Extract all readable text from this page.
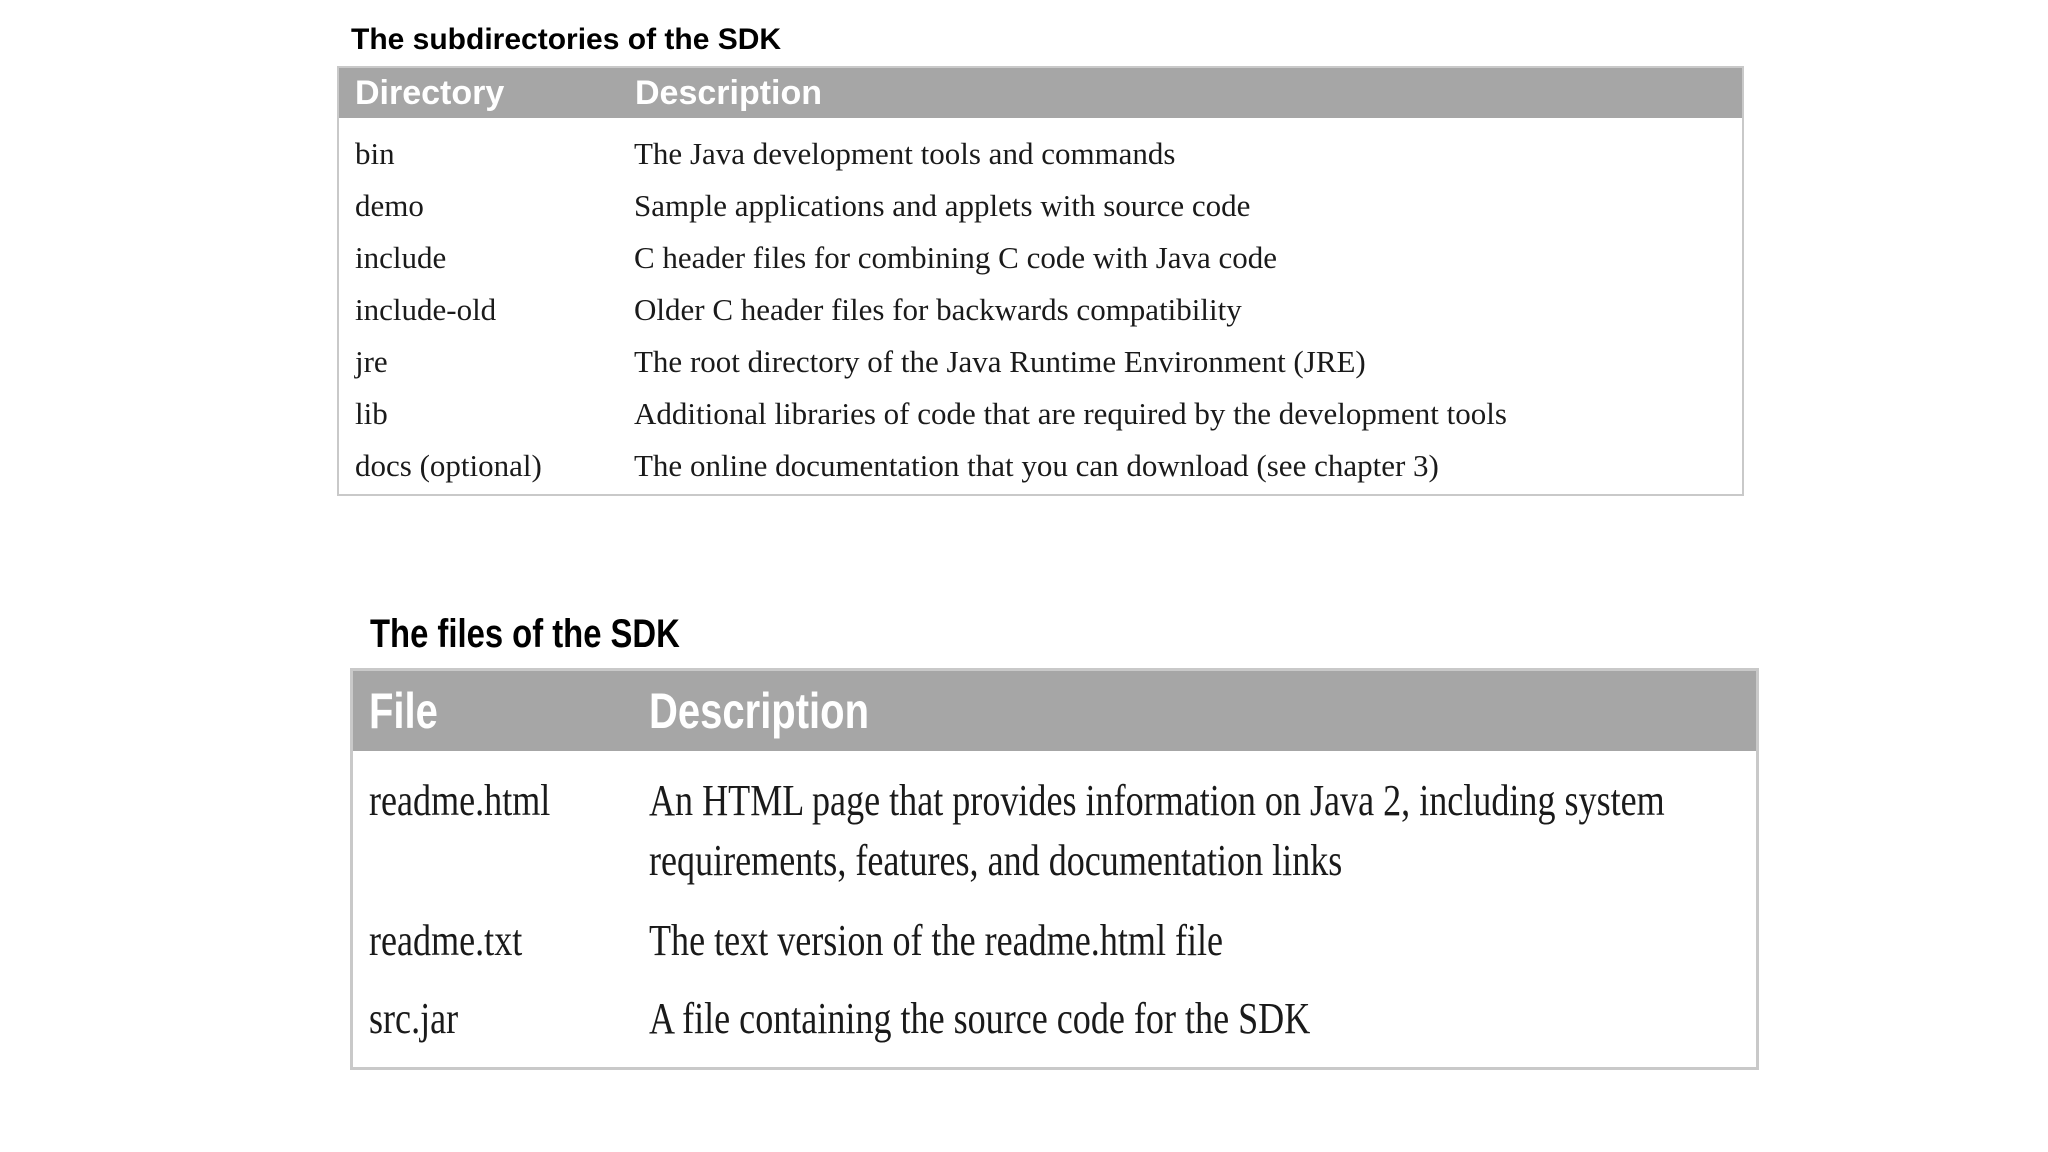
The subdirectories of the SDK
Directory	Description
bin	The Java development tools and commands
demo	Sample applications and applets with source code
include	C header files for combining C code with Java code
include-old	Older C header files for backwards compatibility
jre	The root directory of the Java Runtime Environment (JRE)
lib	Additional libraries of code that are required by the development tools
docs (optional)	The online documentation that you can download (see chapter 3)
The files of the SDK
File	Description
readme.html An HTML page that provides information on Java 2, including system requirements, features, and documentation links
readme.txt	The text version of the readme.html file
src.jar	A file containing the source code for the SDK
